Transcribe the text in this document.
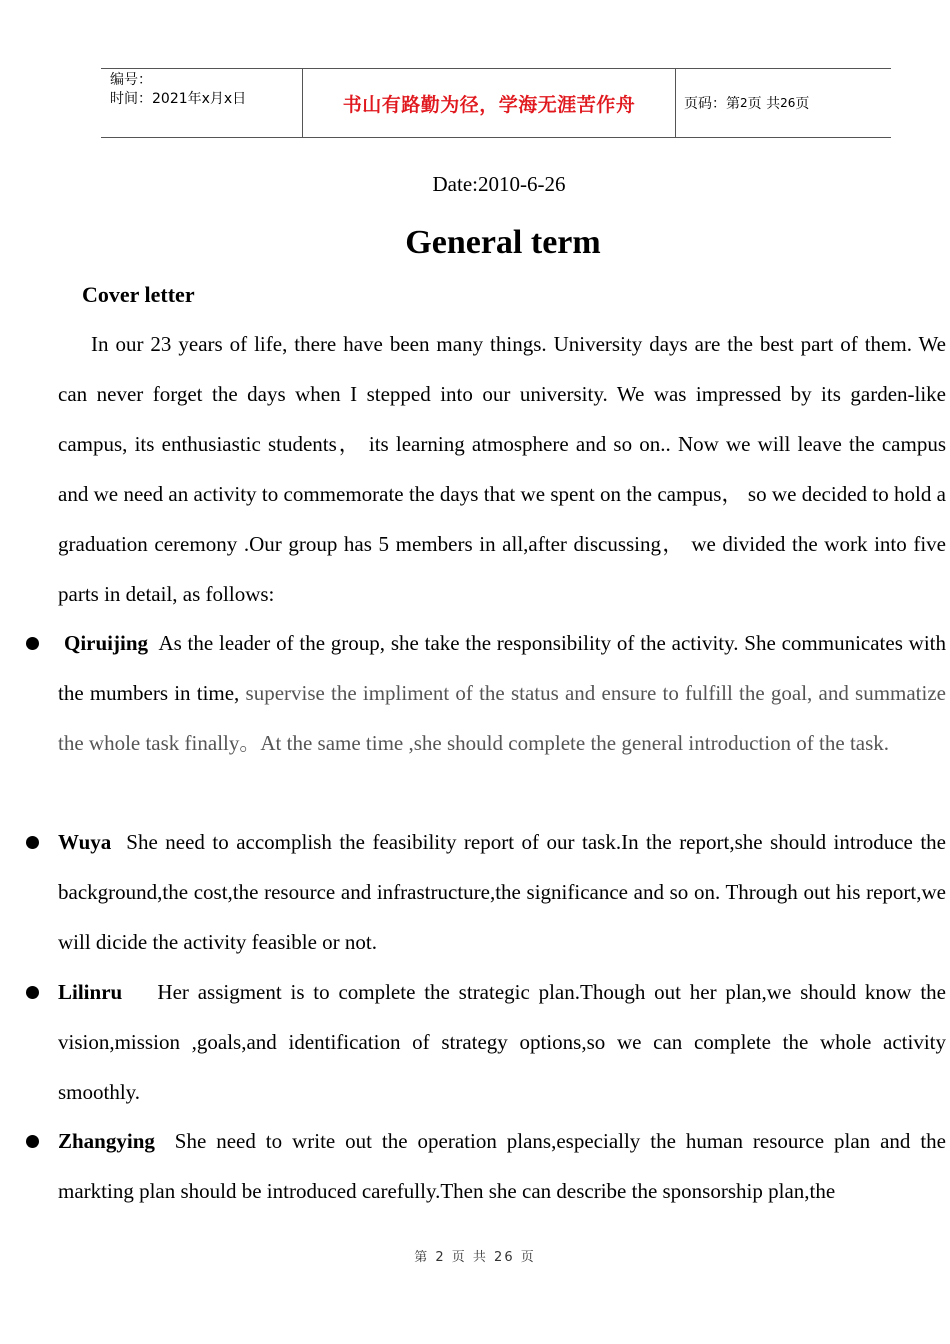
编号：
时间：2021年x月x日	书山有路勤为径，学海无涯苦作舟	页码：第 2 页 共 26 页
Date:2010-6-26
General term
Cover letter

In our 23 years of life, there have been many things. University days are the best part of them. We can never forget the days when I stepped into our university. We was impressed by its garden-like campus, its enthusiastic students， its learning atmosphere and so on.. Now we will leave the campus and we need an activity to commemorate the days that we spent on the campus， so we decided to hold a graduation ceremony .Our group has 5 members in all,after discussing， we divided the work into five parts in detail, as follows:

Qiruijing As the leader of the group, she take the responsibility of the activity. She communicates with the mumbers in time, supervise the impliment of the status and ensure to fulfill the goal, and summatize the whole task finally。At the same time ,she should complete the general introduction of the task.

Wuya She need to accomplish the feasibility report of our task.In the report,she should introduce the background,the cost,the resource and infrastructure,the significance and so on. Through out his report,we will dicide the activity feasible or not.

Lilinru Her assigment is to complete the strategic plan.Though out her plan,we should know the vision,mission ,goals,and identification of strategy options,so we can complete the whole activity smoothly.

Zhangying She need to write out the operation plans,especially the human resource plan and the markting plan should be introduced carefully.Then she can describe the sponsorship plan,the

第 2 页 共 26 页
